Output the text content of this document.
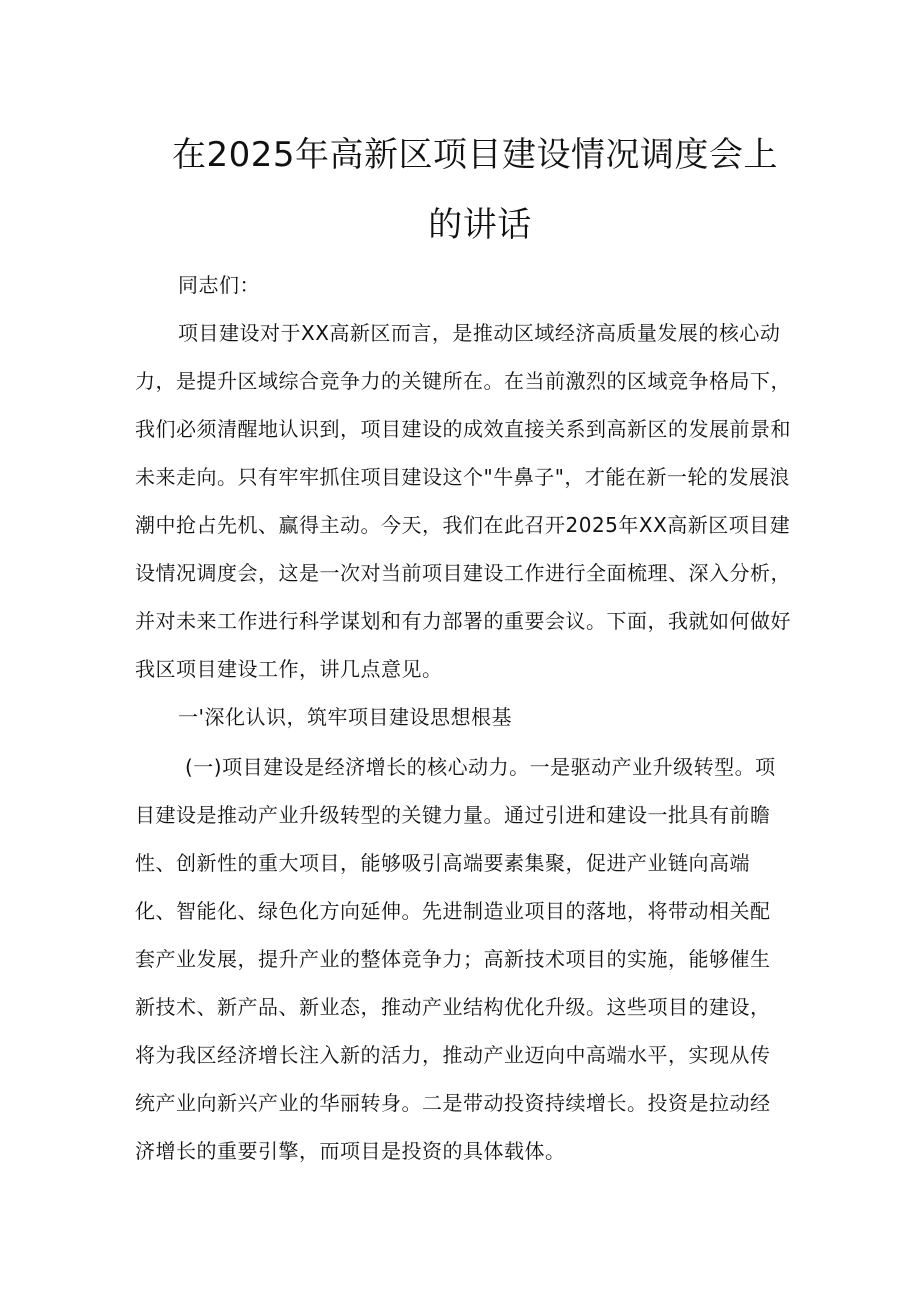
在2025年高新区项目建设情况调度会上
的讲话

同志们：

项目建设对于XX高新区而言，是推动区域经济高质量发展的核心动

力，是提升区域综合竞争力的关键所在。在当前激烈的区域竞争格局下，

我们必须清醒地认识到，项目建设的成效直接关系到高新区的发展前景和

未来走向。只有牢牢抓住项目建设这个"牛鼻子"，才能在新一轮的发展浪

潮中抢占先机、赢得主动。今天，我们在此召开2025年XX高新区项目建

设情况调度会，这是一次对当前项目建设工作进行全面梳理、深入分析，

并对未来工作进行科学谋划和有力部署的重要会议。下面，我就如何做好

我区项目建设工作，讲几点意见。

一'深化认识，筑牢项目建设思想根基

(一)项目建设是经济增长的核心动力。一是驱动产业升级转型。项

目建设是推动产业升级转型的关键力量。通过引进和建设一批具有前瞻

性、创新性的重大项目，能够吸引高端要素集聚，促进产业链向高端

化、智能化、绿色化方向延伸。先进制造业项目的落地，将带动相关配

套产业发展，提升产业的整体竞争力；高新技术项目的实施，能够催生

新技术、新产品、新业态，推动产业结构优化升级。这些项目的建设，

将为我区经济增长注入新的活力，推动产业迈向中高端水平，实现从传

统产业向新兴产业的华丽转身。二是带动投资持续增长。投资是拉动经

济增长的重要引擎，而项目是投资的具体载体。
